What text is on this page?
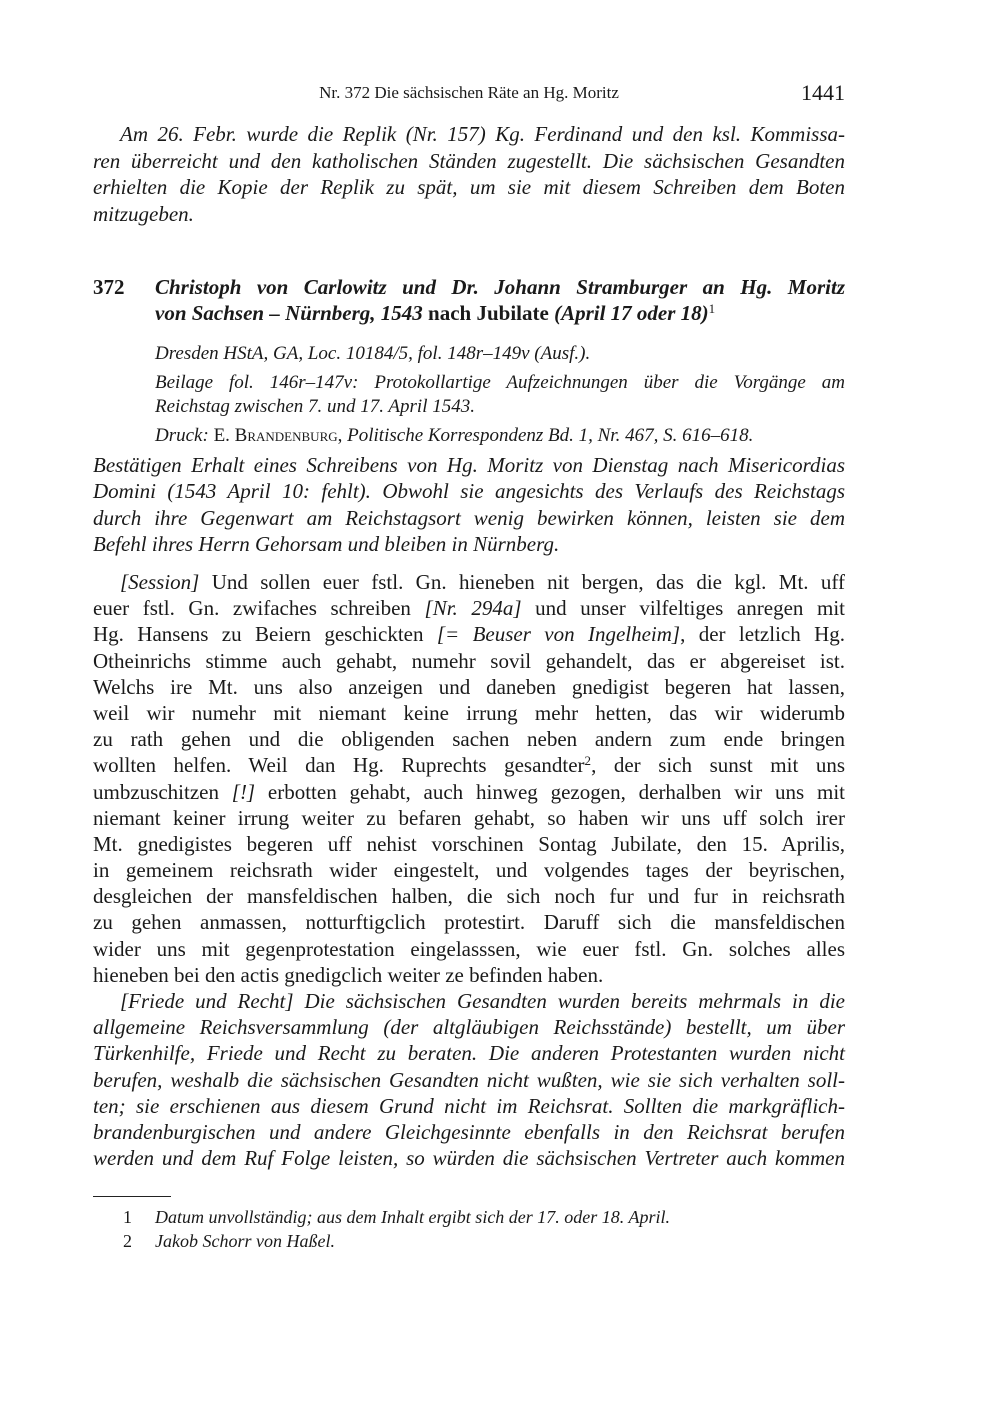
Nr. 372 Die sächsischen Räte an Hg. Moritz	1441
Am 26. Febr. wurde die Replik (Nr. 157) Kg. Ferdinand und den ksl. Kommissa-
ren überreicht und den katholischen Ständen zugestellt. Die sächsischen Gesandten
erhielten die Kopie der Replik zu spät, um sie mit diesem Schreiben dem Boten
mitzugeben.
372 Christoph von Carlowitz und Dr. Johann Stramburger an Hg. Moritz
von Sachsen – Nürnberg, 1543 nach Jubilate (April 17 oder 18)$^1$
Dresden HStA, GA, Loc. 10184/5, fol. 148r–149v (Ausf.).
Beilage fol. 146r–147v: Protokollartige Aufzeichnungen über die Vorgänge am
Reichstag zwischen 7. und 17. April 1543.
Druck: E. Brandenburg, Politische Korrespondenz Bd. 1, Nr. 467, S. 616–618.
Bestätigen Erhalt eines Schreibens von Hg. Moritz von Dienstag nach Misericordias
Domini (1543 April 10: fehlt). Obwohl sie angesichts des Verlaufs des Reichstags
durch ihre Gegenwart am Reichstagsort wenig bewirken können, leisten sie dem
Befehl ihres Herrn Gehorsam und bleiben in Nürnberg.
[Session] Und sollen euer fstl. Gn. hieneben nit bergen, das die kgl. Mt. uff
euer fstl. Gn. zwifaches schreiben [Nr. 294a] und unser vilfeltiges anregen mit
Hg. Hansens zu Beiern geschickten [= Beuser von Ingelheim], der letzlich Hg.
Otheinrichs stimme auch gehabt, numehr sovil gehandelt, das er abgereiset ist.
Welchs ire Mt. uns also anzeigen und daneben gnedigist begeren hat lassen,
weil wir numehr mit niemant keine irrung mehr hetten, das wir widerumb
zu rath gehen und die obligenden sachen neben andern zum ende bringen
wollten helfen. Weil dan Hg. Ruprechts gesandter$^2$, der sich sunst mit uns
umbzuschitzen [!] erbotten gehabt, auch hinweg gezogen, derhalben wir uns mit
niemant keiner irrung weiter zu befaren gehabt, so haben wir uns uff solch irer
Mt. gnedigistes begeren uff nehist vorschinen Sontag Jubilate, den 15. Aprilis,
in gemeinem reichsrath wider eingestelt, und volgendes tages der beyrischen,
desgleichen der mansfeldischen halben, die sich noch fur und fur in reichsrath
zu gehen anmassen, notturftigclich protestirt. Daruff sich die mansfeldischen
wider uns mit gegenprotestation eingelasssen, wie euer fstl. Gn. solches alles
hieneben bei den actis gnedigclich weiter ze befinden haben.
[Friede und Recht] Die sächsischen Gesandten wurden bereits mehrmals in die
allgemeine Reichsversammlung (der altgläubigen Reichsstände) bestellt, um über
Türkenhilfe, Friede und Recht zu beraten. Die anderen Protestanten wurden nicht
berufen, weshalb die sächsischen Gesandten nicht wußten, wie sie sich verhalten soll-
ten; sie erschienen aus diesem Grund nicht im Reichsrat. Sollten die markgräflich-
brandenburgischen und andere Gleichgesinnte ebenfalls in den Reichsrat berufen
werden und dem Ruf Folge leisten, so würden die sächsischen Vertreter auch kommen
1 Datum unvollständig; aus dem Inhalt ergibt sich der 17. oder 18. April.
2 Jakob Schorr von Haßel.
